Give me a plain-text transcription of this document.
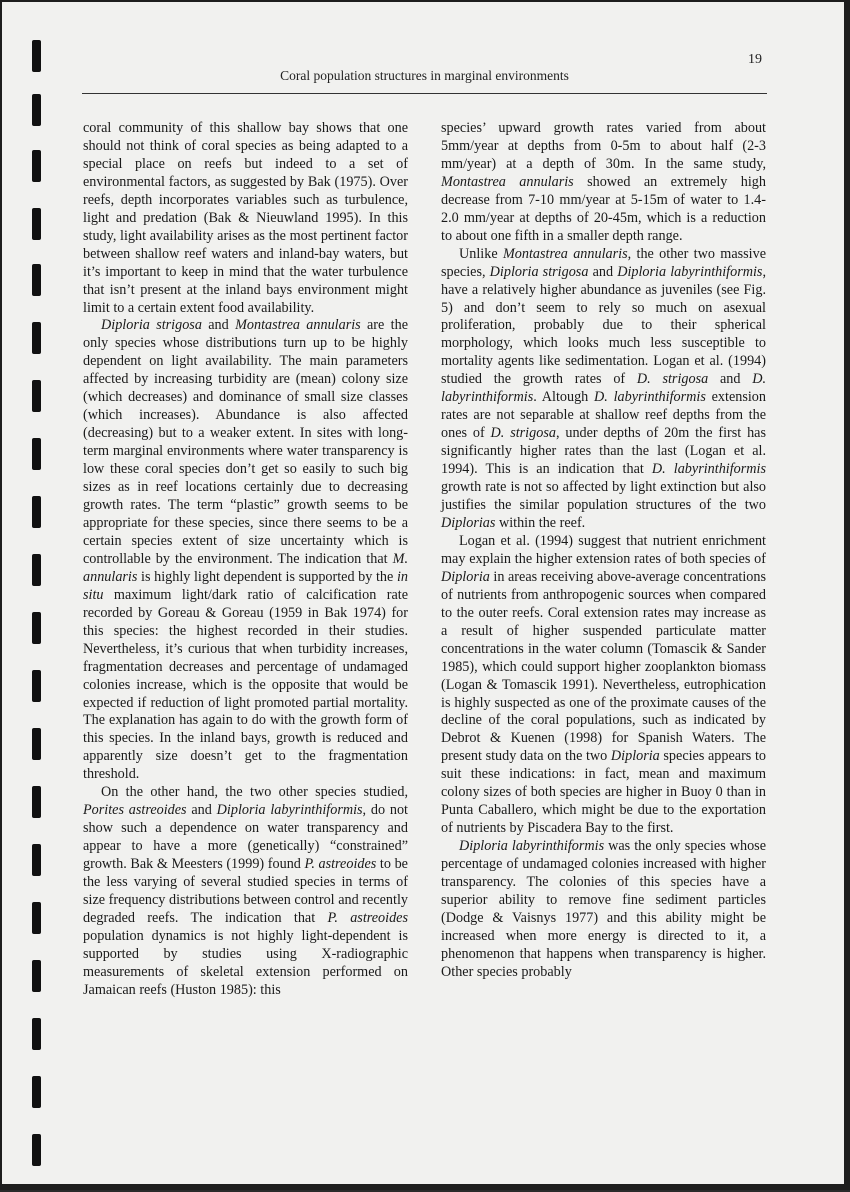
19
Coral population structures in marginal environments

coral community of this shallow bay shows that one should not think of coral species as being adapted to a special place on reefs but indeed to a set of environmental factors, as suggested by Bak (1975). Over reefs, depth incorporates variables such as turbulence, light and predation (Bak & Nieuwland 1995). In this study, light availability arises as the most pertinent factor between shallow reef waters and inland-bay waters, but it’s important to keep in mind that the water turbulence that isn’t present at the inland bays environment might limit to a certain extent food availability.

Diploria strigosa and Montastrea annularis are the only species whose distributions turn up to be highly dependent on light availability. The main parameters affected by increasing turbidity are (mean) colony size (which decreases) and dominance of small size classes (which increases). Abundance is also affected (decreasing) but to a weaker extent. In sites with long-term marginal environments where water transparency is low these coral species don’t get so easily to such big sizes as in reef locations certainly due to decreasing growth rates. The term “plastic” growth seems to be appropriate for these species, since there seems to be a certain species extent of size uncertainty which is controllable by the environment. The indication that M. annularis is highly light dependent is supported by the in situ maximum light/dark ratio of calcification rate recorded by Goreau & Goreau (1959 in Bak 1974) for this species: the highest recorded in their studies. Nevertheless, it’s curious that when turbidity increases, fragmentation decreases and percentage of undamaged colonies increase, which is the opposite that would be expected if reduction of light promoted partial mortality. The explanation has again to do with the growth form of this species. In the inland bays, growth is reduced and apparently size doesn’t get to the fragmentation threshold.

On the other hand, the two other species studied, Porites astreoides and Diploria labyrinthiformis, do not show such a dependence on water transparency and appear to have a more (genetically) “constrained” growth. Bak & Meesters (1999) found P. astreoides to be the less varying of several studied species in terms of size frequency distributions between control and recently degraded reefs. The indication that P. astreoides population dynamics is not highly light-dependent is supported by studies using X-radiographic measurements of skeletal extension performed on Jamaican reefs (Huston 1985): this

species’ upward growth rates varied from about 5mm/year at depths from 0-5m to about half (2-3 mm/year) at a depth of 30m. In the same study, Montastrea annularis showed an extremely high decrease from 7-10 mm/year at 5-15m of water to 1.4-2.0 mm/year at depths of 20-45m, which is a reduction to about one fifth in a smaller depth range.

Unlike Montastrea annularis, the other two massive species, Diploria strigosa and Diploria labyrinthiformis, have a relatively higher abundance as juveniles (see Fig. 5) and don’t seem to rely so much on asexual proliferation, probably due to their spherical morphology, which looks much less susceptible to mortality agents like sedimentation. Logan et al. (1994) studied the growth rates of D. strigosa and D. labyrinthiformis. Altough D. labyrinthiformis extension rates are not separable at shallow reef depths from the ones of D. strigosa, under depths of 20m the first has significantly higher rates than the last (Logan et al. 1994). This is an indication that D. labyrinthiformis growth rate is not so affected by light extinction but also justifies the similar population structures of the two Diplorias within the reef.

Logan et al. (1994) suggest that nutrient enrichment may explain the higher extension rates of both species of Diploria in areas receiving above-average concentrations of nutrients from anthropogenic sources when compared to the outer reefs. Coral extension rates may increase as a result of higher suspended particulate matter concentrations in the water column (Tomascik & Sander 1985), which could support higher zooplankton biomass (Logan & Tomascik 1991). Nevertheless, eutrophication is highly suspected as one of the proximate causes of the decline of the coral populations, such as indicated by Debrot & Kuenen (1998) for Spanish Waters. The present study data on the two Diploria species appears to suit these indications: in fact, mean and maximum colony sizes of both species are higher in Buoy 0 than in Punta Caballero, which might be due to the exportation of nutrients by Piscadera Bay to the first.

Diploria labyrinthiformis was the only species whose percentage of undamaged colonies increased with higher transparency. The colonies of this species have a superior ability to remove fine sediment particles (Dodge & Vaisnys 1977) and this ability might be increased when more energy is directed to it, a phenomenon that happens when transparency is higher. Other species probably
